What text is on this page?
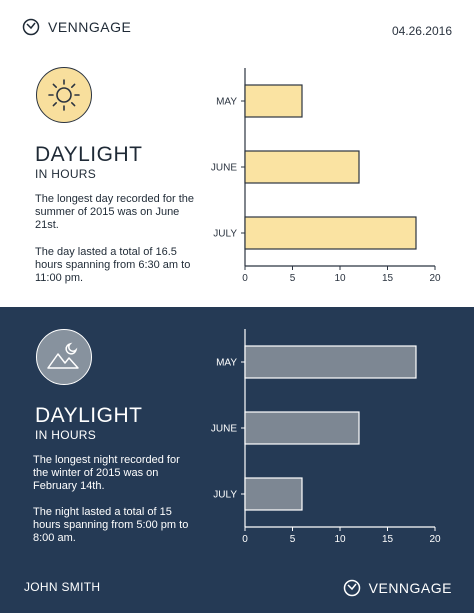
VENNGAGE	04.26.2016
DAYLIGHT
IN HOURS
The longest day recorded for the summer of 2015 was on June 21st.
The day lasted a total of 16.5 hours spanning from 6:30 am to 11:00 pm.	0	5	10	15	20
MAY
JUNE
JULY
DAYLIGHT
IN HOURS
The longest night recorded for the winter of 2015 was on February 14th.
The night lasted a total of 15 hours spanning from 5:00 pm to 8:00 am.	0	5	10	15	20
MAY
JUNE
JULY
JOHN SMITH	VENNGAGE
